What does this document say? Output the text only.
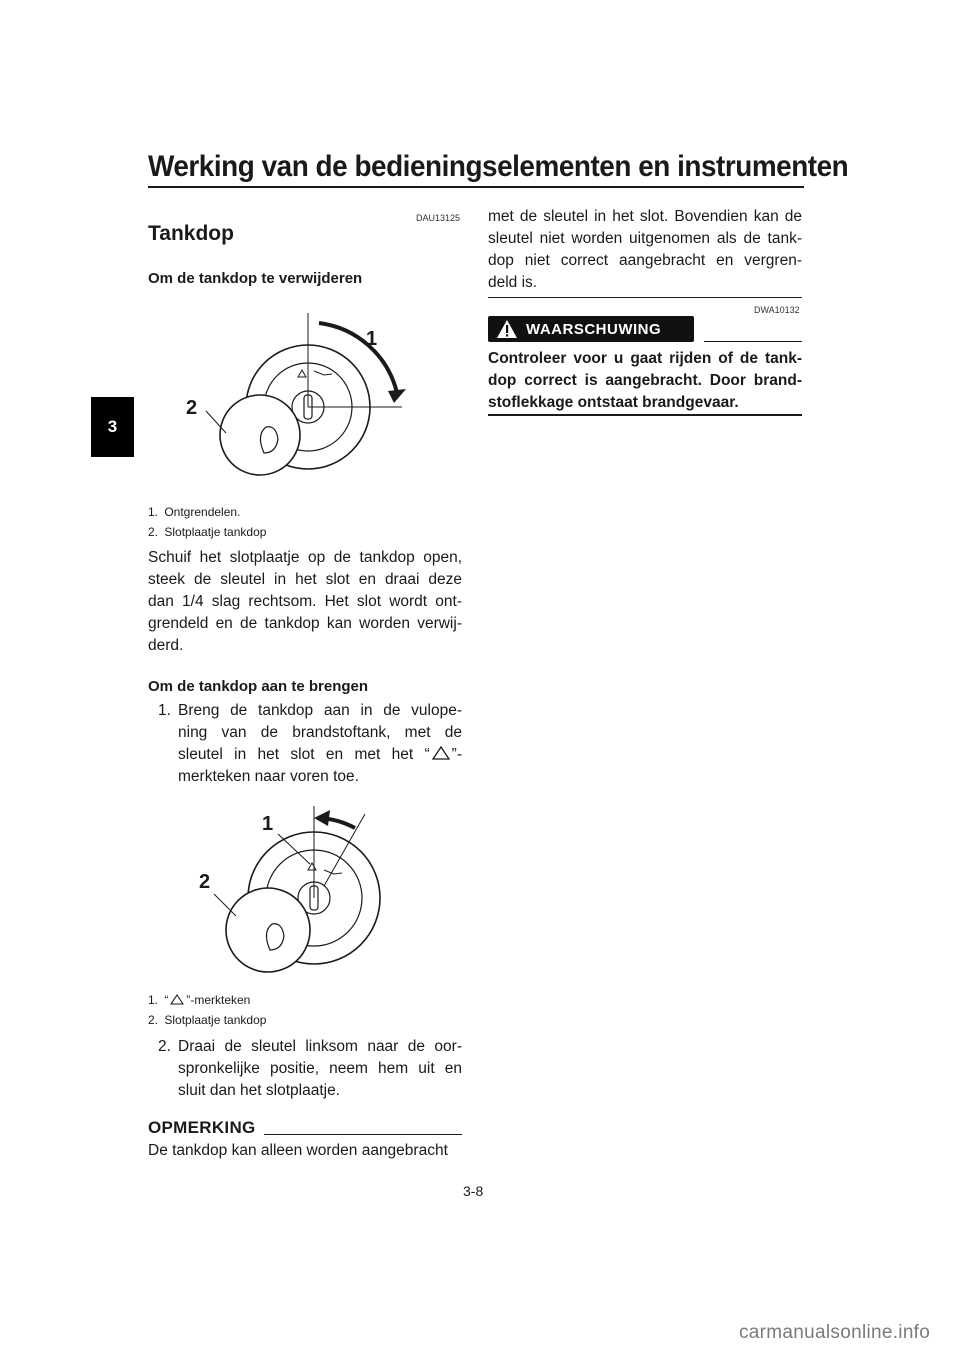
Werking van de bedieningselementen en instrumenten
3
DAU13125
Tankdop
Om de tankdop te verwijderen
1
2
1. Ontgrendelen.
2. Slotplaatje tankdop
Schuif het slotplaatje op de tankdop open,
steek de sleutel in het slot en draai deze
dan 1/4 slag rechtsom. Het slot wordt ont-
grendeld en de tankdop kan worden verwij-
derd.
Om de tankdop aan te brengen
1. Breng de tankdop aan in de vulope-
ning van de brandstoftank, met de
sleutel in het slot en met het “ ”-
merkteken naar voren toe.
1
2
1. “ ”-merkteken
2. Slotplaatje tankdop
2. Draai de sleutel linksom naar de oor-
spronkelijke positie, neem hem uit en
sluit dan het slotplaatje.
OPMERKING
De tankdop kan alleen worden aangebracht
met de sleutel in het slot. Bovendien kan de
sleutel niet worden uitgenomen als de tank-
dop niet correct aangebracht en vergren-
deld is.
DWA10132
WAARSCHUWING
Controleer voor u gaat rijden of de tank-
dop correct is aangebracht. Door brand-
stoflekkage ontstaat brandgevaar.
3-8
carmanualsonline.info
